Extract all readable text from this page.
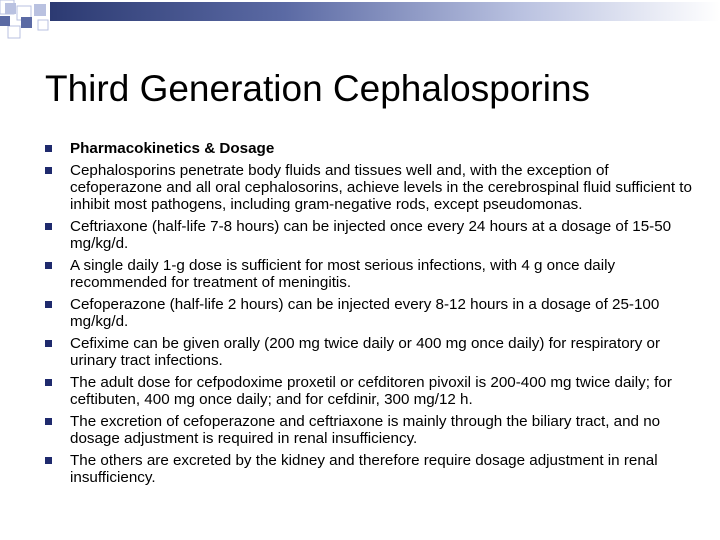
Third Generation Cephalosporins
Pharmacokinetics & Dosage
Cephalosporins penetrate body fluids and tissues well and, with the exception of cefoperazone and all oral cephalosorins, achieve levels in the cerebrospinal fluid sufficient to inhibit most pathogens, including gram-negative rods, except pseudomonas.
Ceftriaxone (half-life 7-8 hours) can be injected once every 24 hours at a dosage of 15-50 mg/kg/d.
A single daily 1-g dose is sufficient for most serious infections, with 4 g once daily recommended for treatment of meningitis.
Cefoperazone (half-life 2 hours) can be injected every 8-12 hours in a dosage of 25-100 mg/kg/d.
Cefixime can be given orally (200 mg twice daily or 400 mg once daily) for respiratory or urinary tract infections.
The adult dose for cefpodoxime proxetil or cefditoren pivoxil is 200-400 mg twice daily; for ceftibuten, 400 mg once daily; and for cefdinir, 300 mg/12 h.
The excretion of cefoperazone and ceftriaxone is mainly through the biliary tract, and no dosage adjustment is required in renal insufficiency.
The others are excreted by the kidney and therefore require dosage adjustment in renal insufficiency.
